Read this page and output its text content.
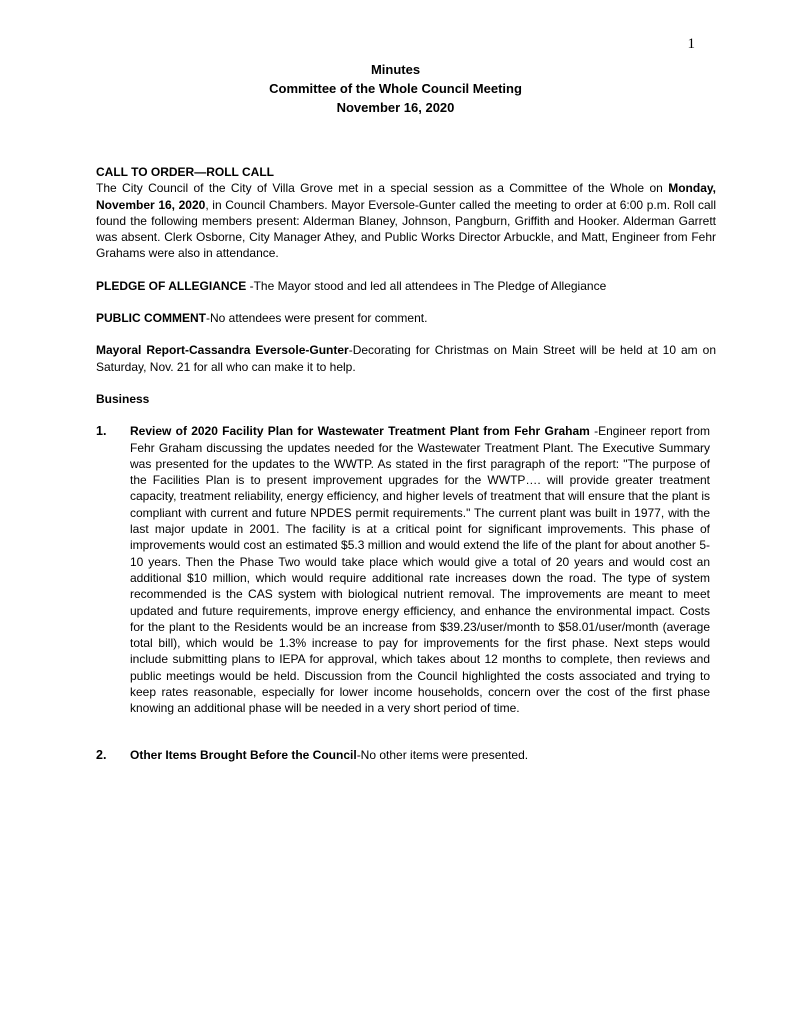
1
Minutes
Committee of the Whole Council Meeting
November 16, 2020

CALL TO ORDER—ROLL CALL

The City Council of the City of Villa Grove met in a special session as a Committee of the Whole on Monday, November 16, 2020, in Council Chambers. Mayor Eversole-Gunter called the meeting to order at 6:00 p.m. Roll call found the following members present: Alderman Blaney, Johnson, Pangburn, Griffith and Hooker. Alderman Garrett was absent. Clerk Osborne, City Manager Athey, and Public Works Director Arbuckle, and Matt, Engineer from Fehr Grahams were also in attendance.

PLEDGE OF ALLEGIANCE -The Mayor stood and led all attendees in The Pledge of Allegiance

PUBLIC COMMENT-No attendees were present for comment.

Mayoral Report-Cassandra Eversole-Gunter-Decorating for Christmas on Main Street will be held at 10 am on Saturday, Nov. 21 for all who can make it to help.

Business
1.	Review of 2020 Facility Plan for Wastewater Treatment Plant from Fehr Graham -Engineer report from Fehr Graham discussing the updates needed for the Wastewater Treatment Plant. The Executive Summary was presented for the updates to the WWTP. As stated in the first paragraph of the report: "The purpose of the Facilities Plan is to present improvement upgrades for the WWTP…. will provide greater treatment capacity, treatment reliability, energy efficiency, and higher levels of treatment that will ensure that the plant is compliant with current and future NPDES permit requirements." The current plant was built in 1977, with the last major update in 2001. The facility is at a critical point for significant improvements. This phase of improvements would cost an estimated $5.3 million and would extend the life of the plant for about another 5-10 years. Then the Phase Two would take place which would give a total of 20 years and would cost an additional $10 million, which would require additional rate increases down the road. The type of system recommended is the CAS system with biological nutrient removal. The improvements are meant to meet updated and future requirements, improve energy efficiency, and enhance the environmental impact. Costs for the plant to the Residents would be an increase from $39.23/user/month to $58.01/user/month (average total bill), which would be 1.3% increase to pay for improvements for the first phase. Next steps would include submitting plans to IEPA for approval, which takes about 12 months to complete, then reviews and public meetings would be held. Discussion from the Council highlighted the costs associated and trying to keep rates reasonable, especially for lower income households, concern over the cost of the first phase knowing an additional phase will be needed in a very short period of time.
2.	Other Items Brought Before the Council-No other items were presented.
